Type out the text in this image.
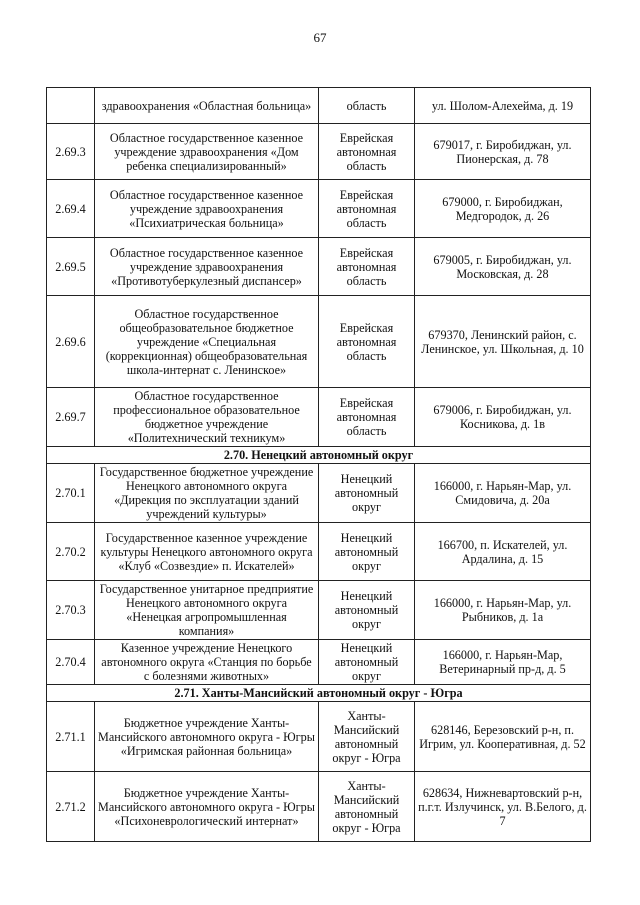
67
	здравоохранения «Областная больница»	область	ул. Шолом-Алехейма, д. 19
2.69.3	Областное государственное казенное учреждение здравоохранения «Дом ребенка специализированный»	Еврейская автономная область	679017, г. Биробиджан, ул. Пионерская, д. 78
2.69.4	Областное государственное казенное учреждение здравоохранения «Психиатрическая больница»	Еврейская автономная область	679000, г. Биробиджан, Медгородок, д. 26
2.69.5	Областное государственное казенное учреждение здравоохранения «Противотуберкулезный диспансер»	Еврейская автономная область	679005, г. Биробиджан, ул. Московская, д. 28
2.69.6	Областное государственное общеобразовательное бюджетное учреждение «Специальная (коррекционная) общеобразовательная школа-интернат с. Ленинское»	Еврейская автономная область	679370, Ленинский район, с. Ленинское, ул. Школьная, д. 10
2.69.7	Областное государственное профессиональное образовательное бюджетное учреждение «Политехнический техникум»	Еврейская автономная область	679006, г. Биробиджан, ул. Косникова, д. 1в
2.70. Ненецкий автономный округ			
2.70.1	Государственное бюджетное учреждение Ненецкого автономного округа «Дирекция по эксплуатации зданий учреждений культуры»	Ненецкий автономный округ	166000, г. Нарьян-Мар, ул. Смидовича, д. 20а
2.70.2	Государственное казенное учреждение культуры Ненецкого автономного округа «Клуб «Созвездие» п. Искателей»	Ненецкий автономный округ	166700, п. Искателей, ул. Ардалина, д. 15
2.70.3	Государственное унитарное предприятие Ненецкого автономного округа «Ненецкая агропромышленная компания»	Ненецкий автономный округ	166000, г. Нарьян-Мар, ул. Рыбников, д. 1а
2.70.4	Казенное учреждение Ненецкого автономного округа «Станция по борьбе с болезнями животных»	Ненецкий автономный округ	166000, г. Нарьян-Мар, Ветеринарный пр-д, д. 5
2.71. Ханты-Мансийский автономный округ - Югра			
2.71.1	Бюджетное учреждение Ханты-Мансийского автономного округа - Югры «Игримская районная больница»	Ханты-Мансийский автономный округ - Югра	628146, Березовский р-н, п. Игрим, ул. Кооперативная, д. 52
2.71.2	Бюджетное учреждение Ханты-Мансийского автономного округа - Югры «Психоневрологический интернат»	Ханты-Мансийский автономный округ - Югра	628634, Нижневартовский р-н, п.г.т. Излучинск, ул. В.Белого, д. 7
